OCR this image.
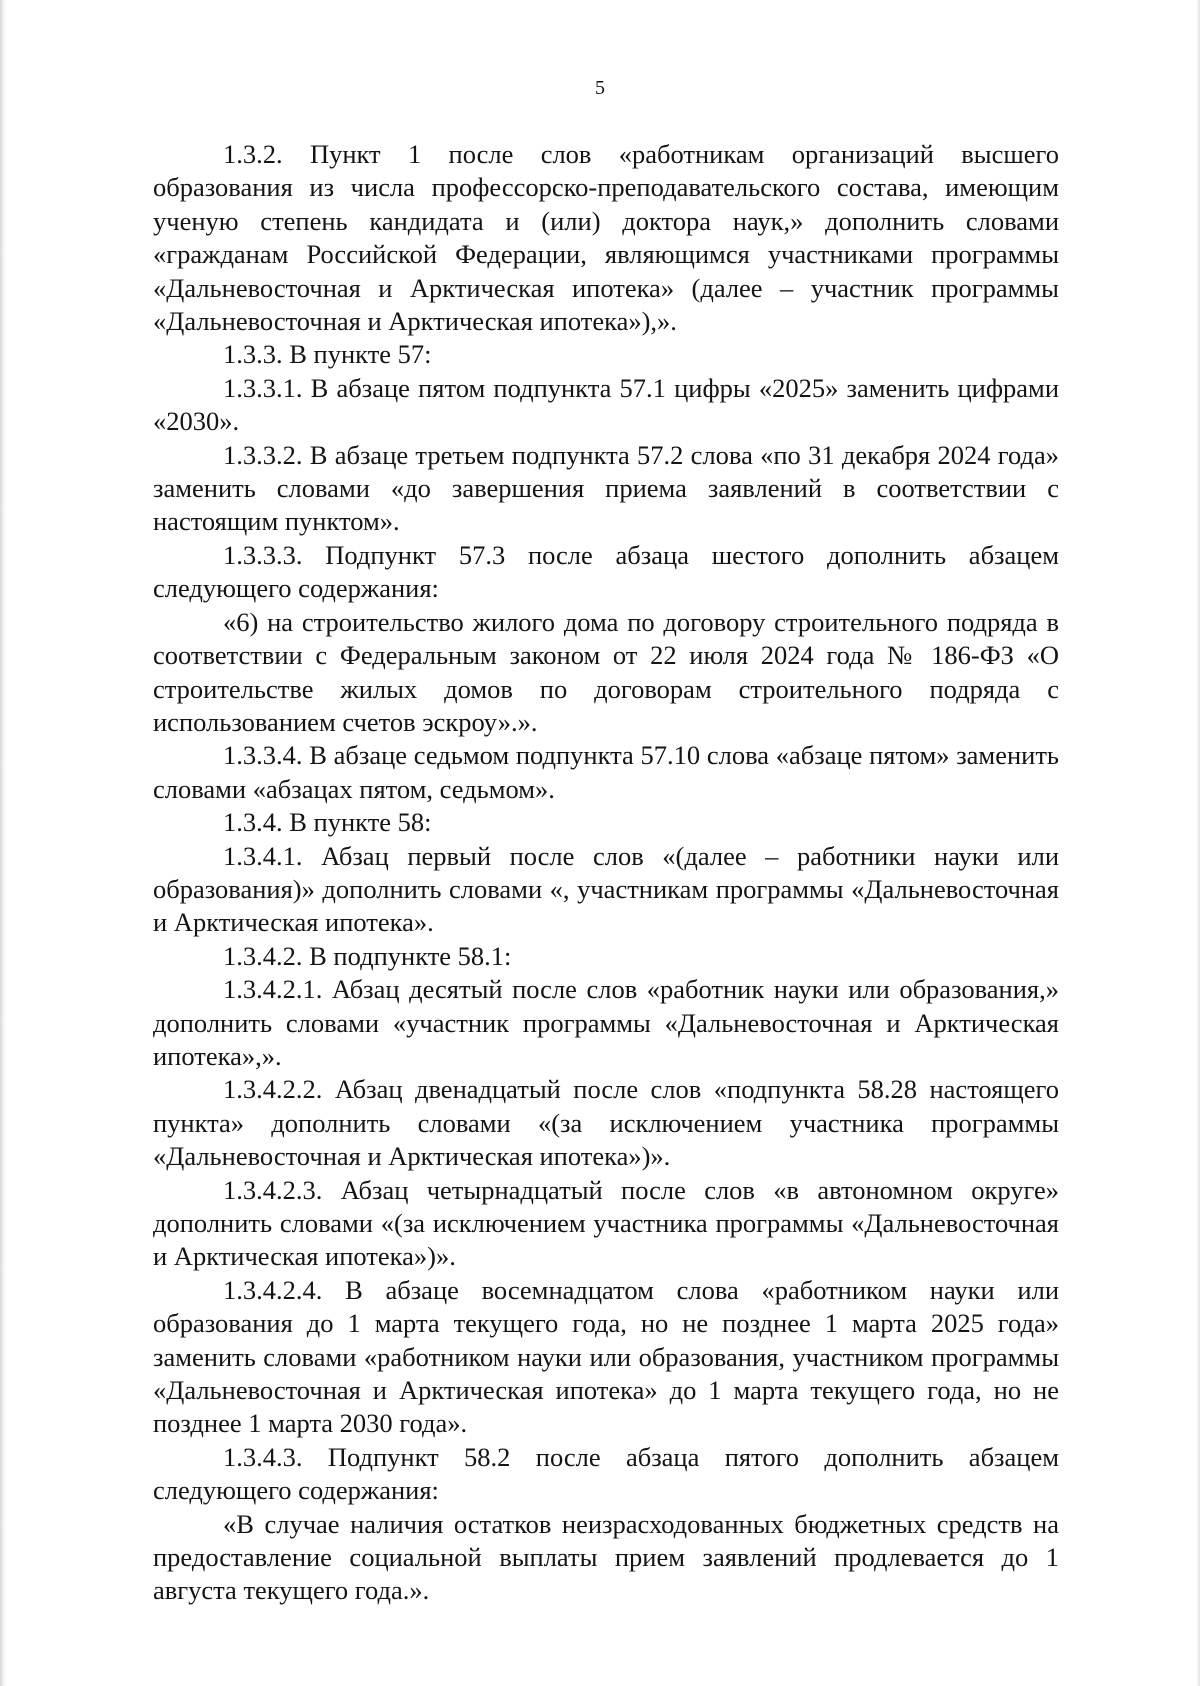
5

1.3.2. Пункт 1 после слов «работникам организаций высшего образования из числа профессорско-преподавательского состава, имеющим ученую степень кандидата и (или) доктора наук,» дополнить словами «гражданам Российской Федерации, являющимся участниками программы «Дальневосточная и Арктическая ипотека» (далее – участник программы «Дальневосточная и Арктическая ипотека»),».

1.3.3. В пункте 57:

1.3.3.1. В абзаце пятом подпункта 57.1 цифры «2025» заменить цифрами «2030».

1.3.3.2. В абзаце третьем подпункта 57.2 слова «по 31 декабря 2024 года» заменить словами «до завершения приема заявлений в соответствии с настоящим пунктом».

1.3.3.3. Подпункт 57.3 после абзаца шестого дополнить абзацем следующего содержания:

«6) на строительство жилого дома по договору строительного подряда в соответствии с Федеральным законом от 22 июля 2024 года № 186-ФЗ «О строительстве жилых домов по договорам строительного подряда с использованием счетов эскроу».».

1.3.3.4. В абзаце седьмом подпункта 57.10 слова «абзаце пятом» заменить словами «абзацах пятом, седьмом».

1.3.4. В пункте 58:

1.3.4.1. Абзац первый после слов «(далее – работники науки или образования)» дополнить словами «, участникам программы «Дальневосточная и Арктическая ипотека».

1.3.4.2. В подпункте 58.1:

1.3.4.2.1. Абзац десятый после слов «работник науки или образования,» дополнить словами «участник программы «Дальневосточная и Арктическая ипотека»,».

1.3.4.2.2. Абзац двенадцатый после слов «подпункта 58.28 настоящего пункта» дополнить словами «(за исключением участника программы «Дальневосточная и Арктическая ипотека»)».

1.3.4.2.3. Абзац четырнадцатый после слов «в автономном округе» дополнить словами «(за исключением участника программы «Дальневосточная и Арктическая ипотека»)».

1.3.4.2.4. В абзаце восемнадцатом слова «работником науки или образования до 1 марта текущего года, но не позднее 1 марта 2025 года» заменить словами «работником науки или образования, участником программы «Дальневосточная и Арктическая ипотека» до 1 марта текущего года, но не позднее 1 марта 2030 года».

1.3.4.3. Подпункт 58.2 после абзаца пятого дополнить абзацем следующего содержания:

«В случае наличия остатков неизрасходованных бюджетных средств на предоставление социальной выплаты прием заявлений продлевается до 1 августа текущего года.».
